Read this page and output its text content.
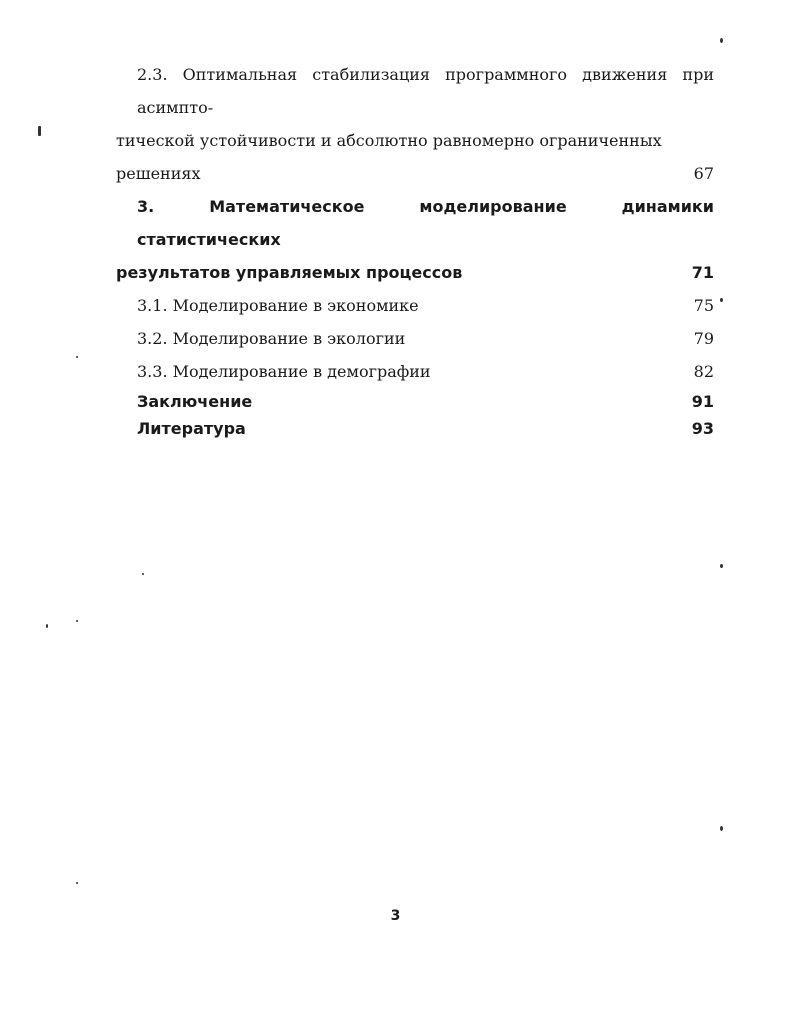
2.3. Оптимальная стабилизация программного движения при асимпто-
тической устойчивости и абсолютно равномерно ограниченных
решениях	67
3. Математическое моделирование динамики статистических
результатов управляемых процессов	71
3.1. Моделирование в экономике	75
3.2. Моделирование в экологии	79
3.3. Моделирование в демографии	82
Заключение	91
Литература	93
3
